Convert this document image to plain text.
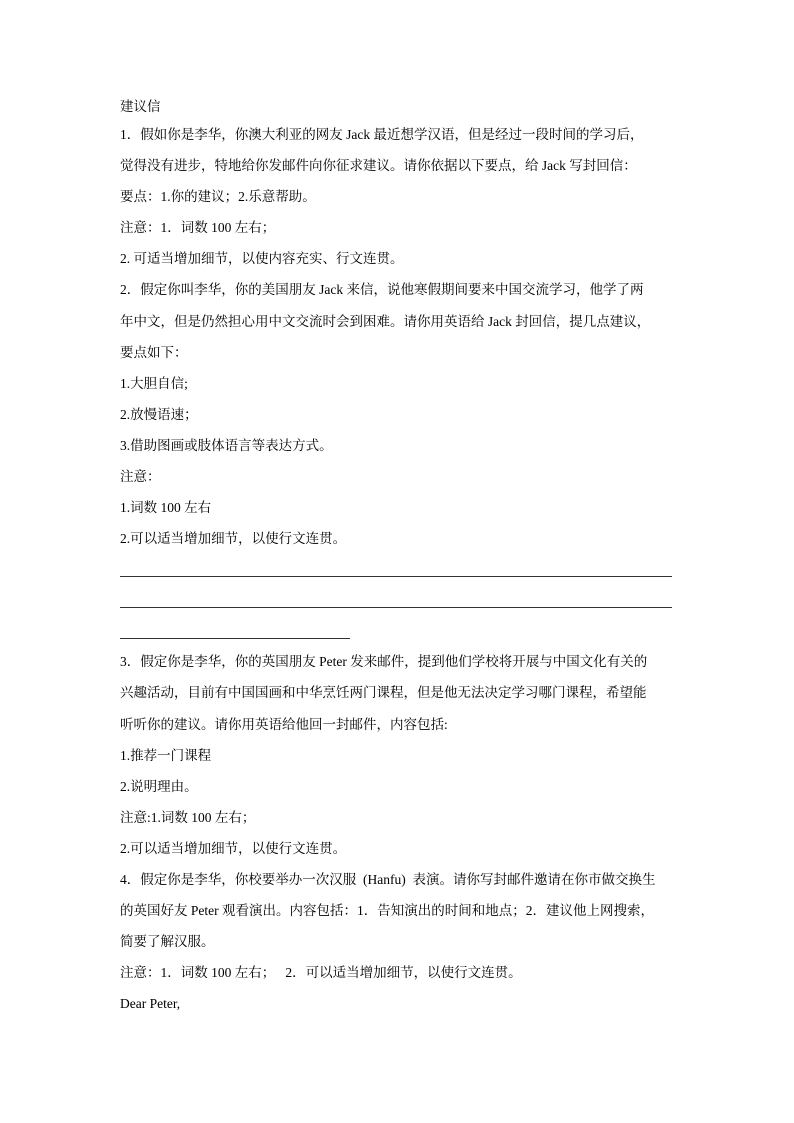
建议信
1．假如你是李华，你澳大利亚的网友 Jack 最近想学汉语，但是经过一段时间的学习后，
觉得没有进步，特地给你发邮件向你征求建议。请你依据以下要点，给 Jack 写封回信：
要点：1.你的建议；2.乐意帮助。
注意：1．词数 100 左右；
2. 可适当增加细节，以使内容充实、行文连贯。
2．假定你叫李华，你的美国朋友 Jack 来信，说他寒假期间要来中国交流学习，他学了两
年中文，但是仍然担心用中文交流时会到困难。请你用英语给 Jack 封回信，提几点建议，
要点如下：
1.大胆自信;
2.放慢语速；
3.借助图画或肢体语言等表达方式。
注意：
1.词数 100 左右
2.可以适当增加细节，以使行文连贯。
3．假定你是李华，你的英国朋友 Peter 发来邮件，提到他们学校将开展与中国文化有关的
兴趣活动，目前有中国国画和中华烹饪两门课程，但是他无法决定学习哪门课程，希望能
听听你的建议。请你用英语给他回一封邮件，内容包括:
1.推荐一门课程
2.说明理由。
注意:1.词数 100 左右；
2.可以适当增加细节，以使行文连贯。
4．假定你是李华，你校要举办一次汉服  (Hanfu)  表演。请你写封邮件邀请在你市做交换生
的英国好友 Peter 观看演出。内容包括：1．告知演出的时间和地点；2．建议他上网搜索，
简要了解汉服。
注意：1．词数 100 左右；   2．可以适当增加细节，以使行文连贯。
Dear Peter,
